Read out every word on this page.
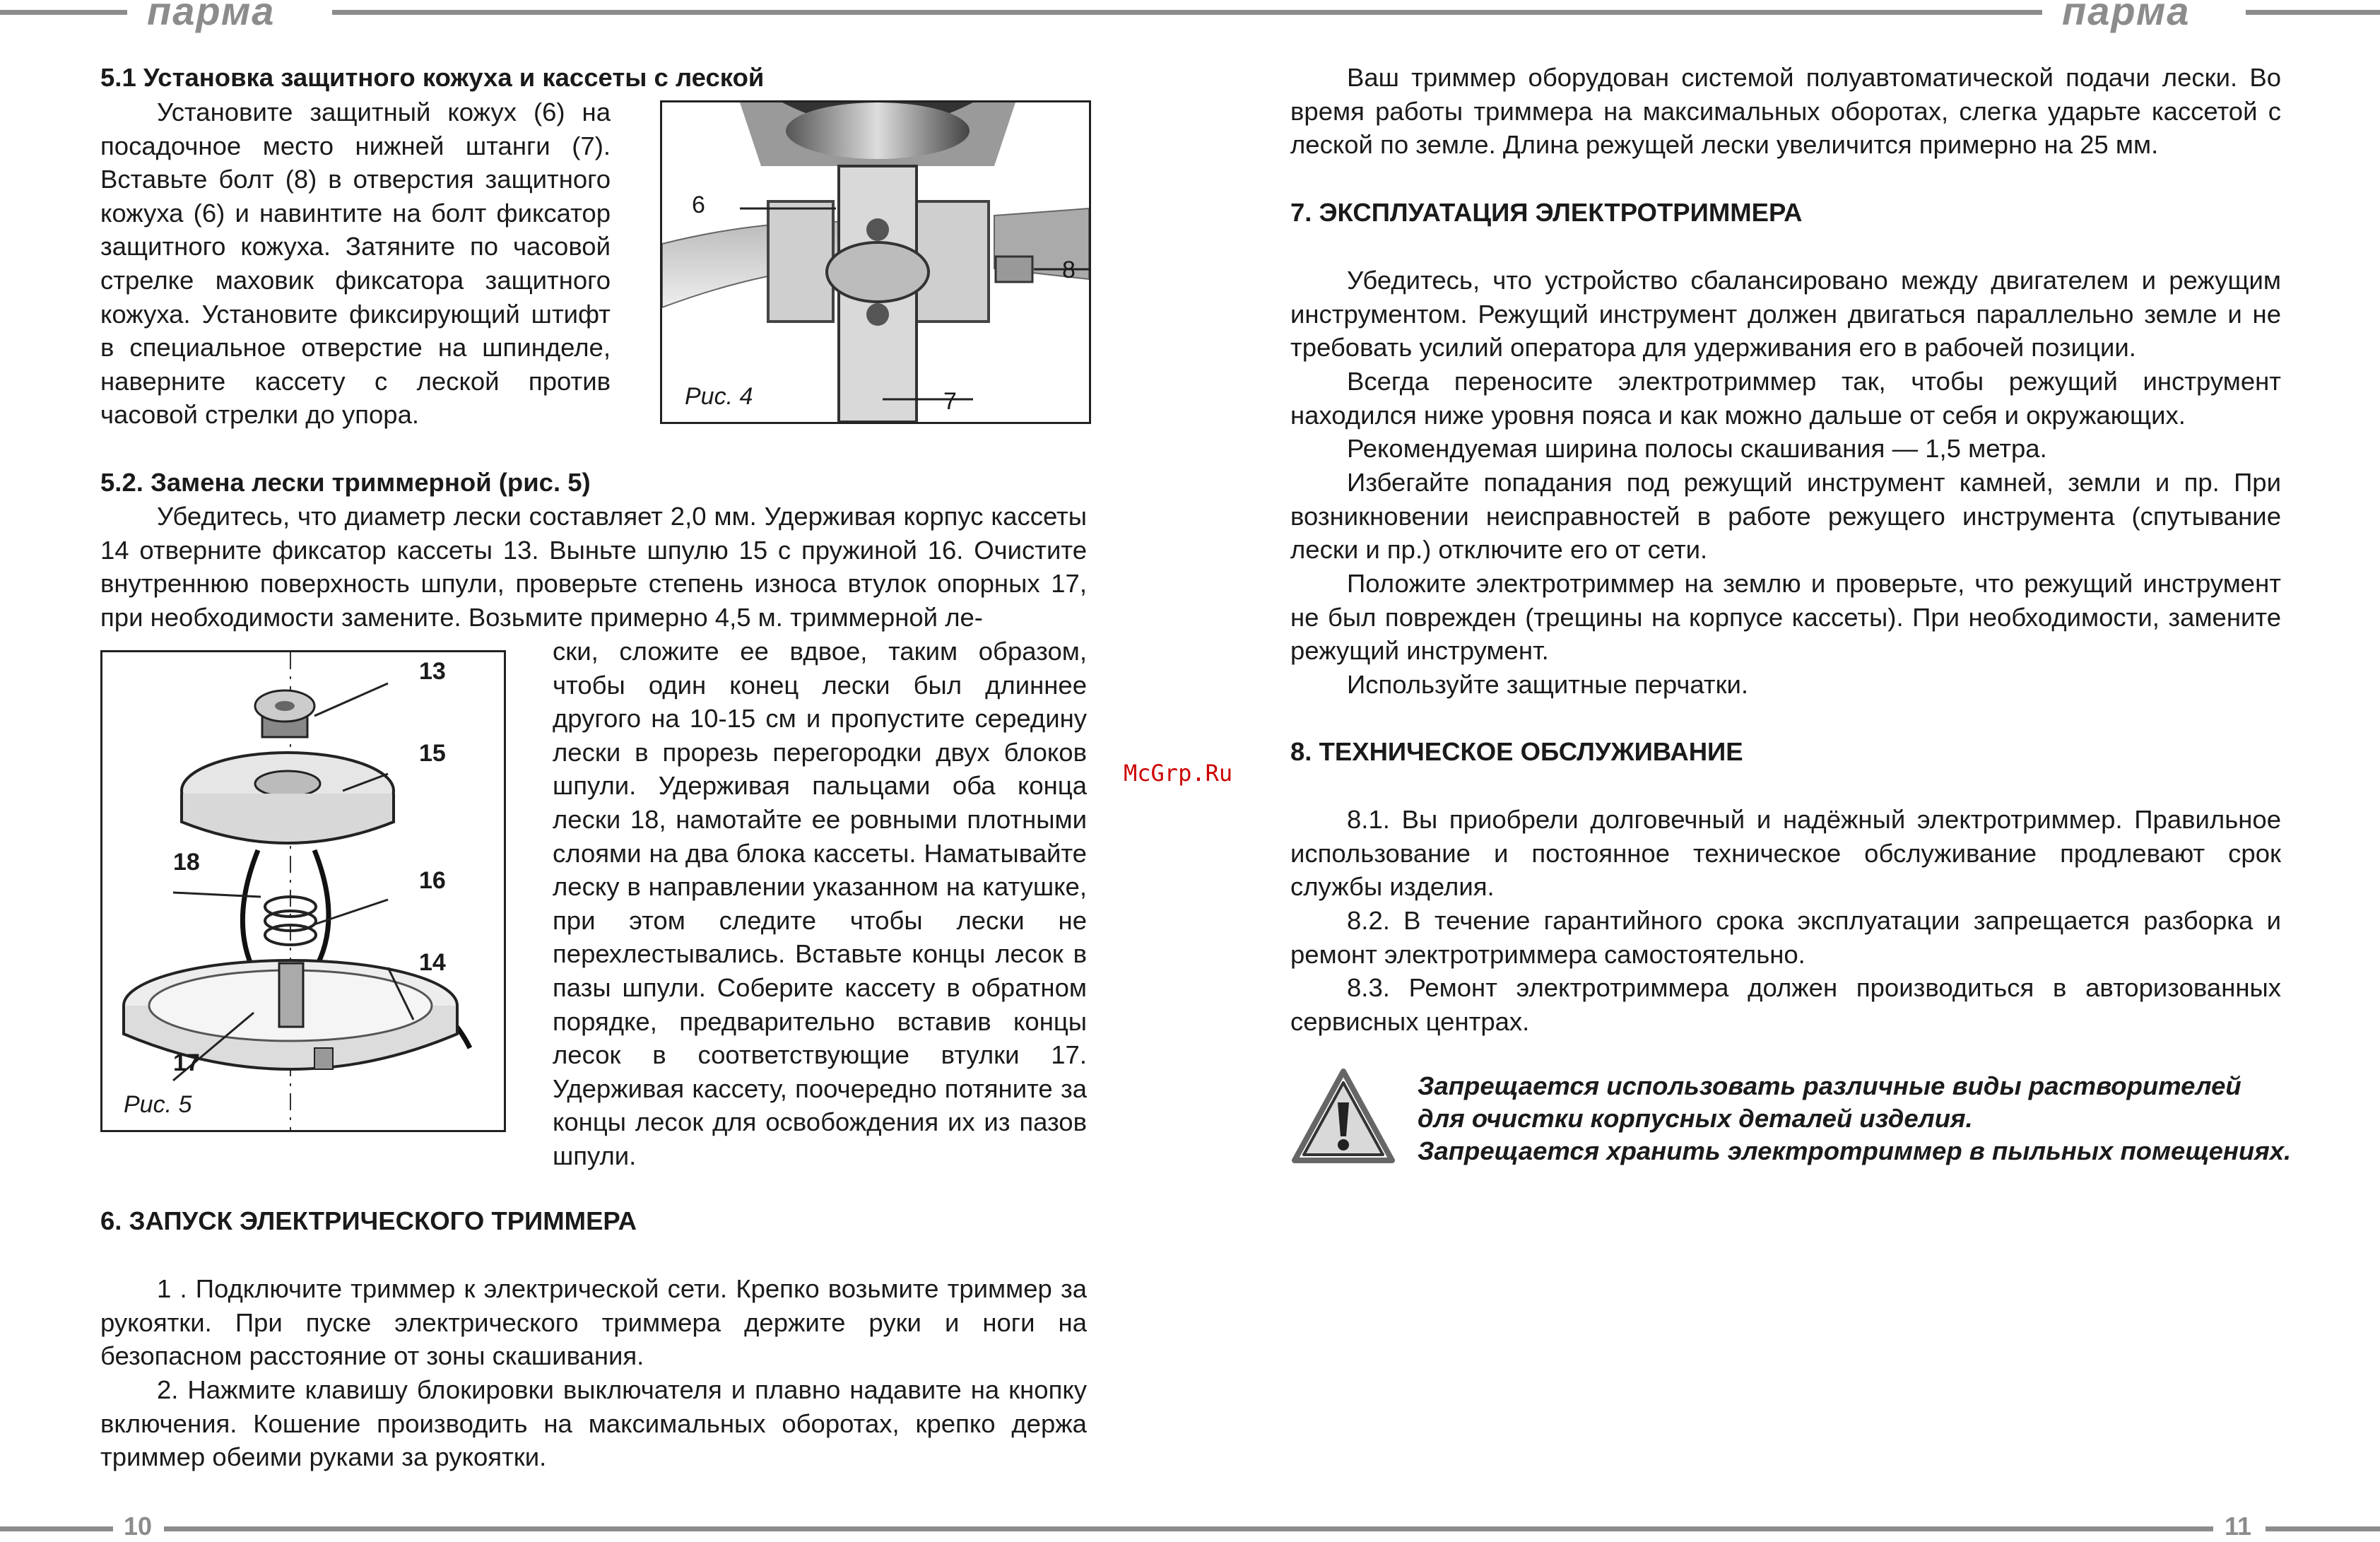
парма	парма
10	11
McGrp.Ru
5.1 Установка защитного кожуха и кассеты с леской

Установите защитный кожух (6) на посадочное место нижней штанги (7). Вставьте болт (8) в отверстия защитного кожуха (6) и навинтите на болт фиксатор защитного кожуха. Затяните по часовой стрелке маховик фиксатора защитного кожуха. Установите фиксирующий штифт в специальное отверстие на шпинделе, наверните кассету с леской против часовой стрелки до упора.

6
8
7
Рис. 4
5.2. Замена лески триммерной (рис. 5)

Убедитесь, что диаметр лески составляет 2,0 мм. Удерживая корпус кассеты 14 отверните фиксатор кассеты 13. Выньте шпулю 15 с пружиной 16. Очистите внутреннюю поверхность шпули, проверьте степень износа втулок опорных 17, при необходимости замените. Возьмите примерно 4,5 м. триммерной ле-

13
15
18
16
14
17
Рис. 5

ски, сложите ее вдвое, таким образом, чтобы один конец лески был длиннее другого на 10-15 см и пропустите середину лески в прорезь перегородки двух блоков шпули. Удерживая пальцами оба конца лески 18, намотайте ее ровными плотными слоями на два блока кассеты. Наматывайте леску в направлении указанном на катушке, при этом следите чтобы лески не перехлестывались. Вставьте концы лесок в пазы шпули. Соберите кассету в обратном порядке, предварительно вставив концы лесок в соответствующие втулки 17. Удерживая кассету, поочередно потяните за концы лесок для освобождения их из пазов шпули.

6. ЗАПУСК ЭЛЕКТРИЧЕСКОГО ТРИММЕРА

1 . Подключите триммер к электрической сети. Крепко возьмите триммер за рукоятки. При пуске электрического триммера держите руки и ноги на безопасном расстояние от зоны скашивания.

2. Нажмите клавишу блокировки выключателя и плавно надавите на кнопку включения. Кошение производить на максимальных оборотах, крепко держа триммер обеими руками за рукоятки.

Ваш триммер оборудован системой полуавтоматической подачи лески. Во время работы триммера на максимальных оборотах, слегка ударьте кассетой с леской по земле. Длина режущей лески увеличится примерно на 25 мм.

7. ЭКСПЛУАТАЦИЯ ЭЛЕКТРОТРИММЕРА

Убедитесь, что устройство сбалансировано между двигателем и режущим инструментом. Режущий инструмент должен двигаться параллельно земле и не требовать усилий оператора для удерживания его в рабочей позиции.

Всегда переносите электротриммер так, чтобы режущий инструмент находился ниже уровня пояса и как можно дальше от себя и окружающих.

Рекомендуемая ширина полосы скашивания — 1,5 метра.

Избегайте попадания под режущий инструмент камней, земли и пр. При возникновении неисправностей в работе режущего инструмента (спутывание лески и пр.) отключите его от сети.

Положите электротриммер на землю и проверьте, что режущий инструмент не был поврежден (трещины на корпусе кассеты). При необходимости, замените режущий инструмент.

Используйте защитные перчатки.

8. ТЕХНИЧЕСКОЕ ОБСЛУЖИВАНИЕ

8.1. Вы приобрели долговечный и надёжный электротриммер. Правильное использование и постоянное техническое обслуживание продлевают срок службы изделия.

8.2. В течение гарантийного срока эксплуатации запрещается разборка и ремонт электротриммера самостоятельно.

8.3. Ремонт электротриммера должен производиться в авторизованных сервисных центрах.

Запрещается использовать различные виды растворителей
для очистки корпусных деталей изделия.
Запрещается хранить электротриммер в пыльных помещениях.
